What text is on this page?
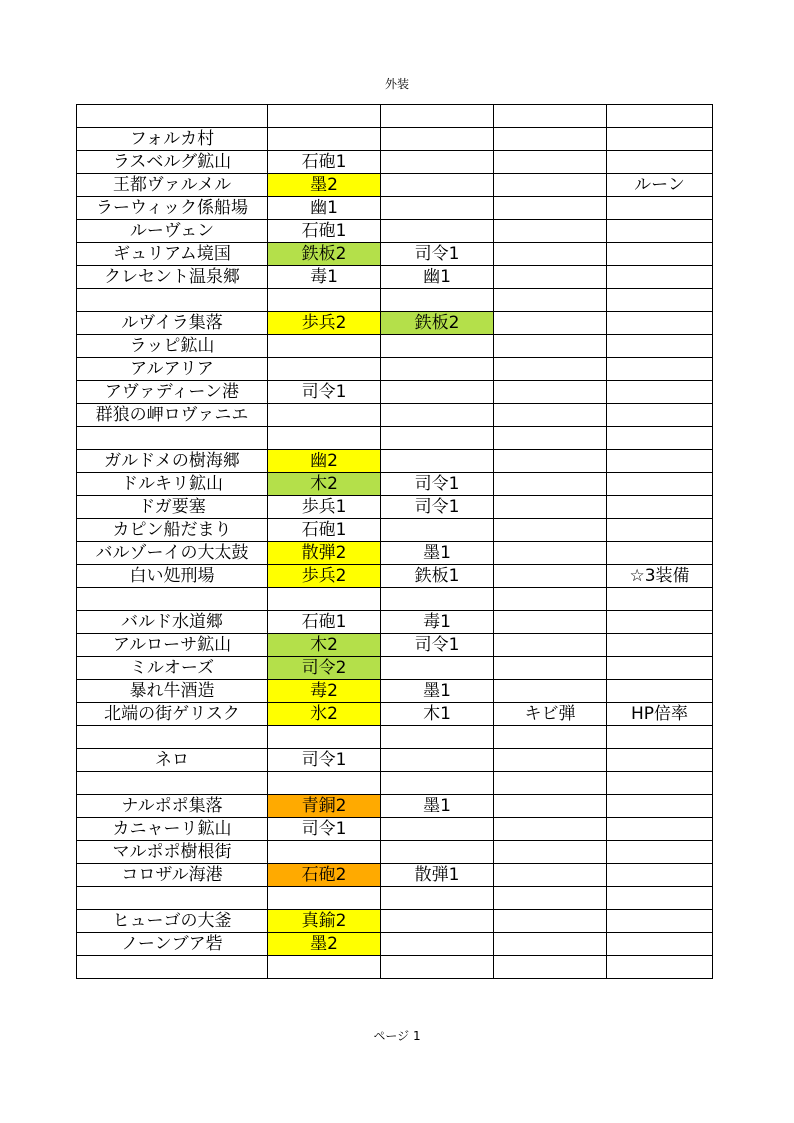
外装

フォルカ村				
ラスベルグ鉱山	石砲1			
王都ヴァルメル	墨2			ルーン
ラーウィック係船場	幽1			
ルーヴェン	石砲1			
ギュリアム境国	鉄板2	司令1		
クレセント温泉郷	毒1	幽1		

ルヴイラ集落	歩兵2	鉄板2		
ラッピ鉱山				
アルアリア				
アヴァディーン港	司令1			
群狼の岬ロヴァニエ				

ガルドメの樹海郷	幽2			
ドルキリ鉱山	木2	司令1		
ドガ要塞	歩兵1	司令1		
カピン船だまり	石砲1			
バルゾーイの大太鼓	散弾2	墨1		
白い処刑場	歩兵2	鉄板1		☆3装備

バルド水道郷	石砲1	毒1		
アルローサ鉱山	木2	司令1		
ミルオーズ	司令2			
暴れ牛酒造	毒2	墨1		
北端の街ゲリスク	氷2	木1	キビ弾	HP倍率

ネロ	司令1			

ナルポポ集落	青銅2	墨1		
カニャーリ鉱山	司令1			
マルポポ樹根街				
コロザル海港	石砲2	散弾1		

ヒューゴの大釜	真鍮2			
ノーンブア砦	墨2			

ページ 1
